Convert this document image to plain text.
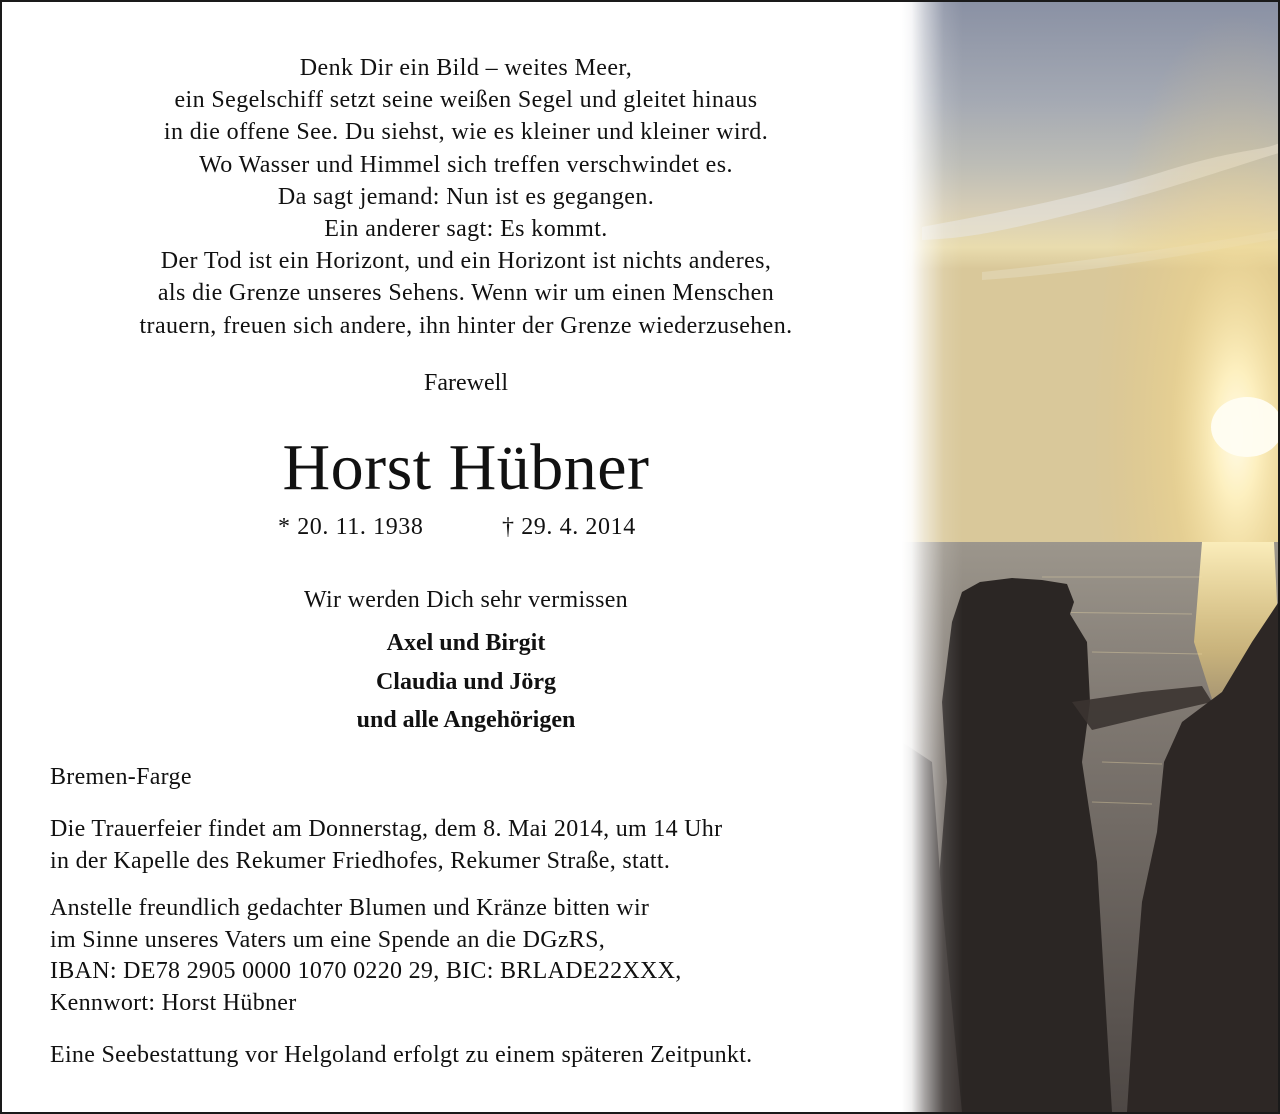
Denk Dir ein Bild – weites Meer,
ein Segelschiff setzt seine weißen Segel und gleitet hinaus
in die offene See. Du siehst, wie es kleiner und kleiner wird.
Wo Wasser und Himmel sich treffen verschwindet es.
Da sagt jemand: Nun ist es gegangen.
Ein anderer sagt: Es kommt.
Der Tod ist ein Horizont, und ein Horizont ist nichts anderes,
als die Grenze unseres Sehens. Wenn wir um einen Menschen
trauern, freuen sich andere, ihn hinter der Grenze wiederzusehen.
Farewell
Horst Hübner
* 20. 11. 1938	† 29. 4. 2014
Wir werden Dich sehr vermissen
Axel und Birgit
Claudia und Jörg
und alle Angehörigen
Bremen-Farge
Die Trauerfeier findet am Donnerstag, dem 8. Mai 2014, um 14 Uhr
in der Kapelle des Rekumer Friedhofes, Rekumer Straße, statt.
Anstelle freundlich gedachter Blumen und Kränze bitten wir
im Sinne unseres Vaters um eine Spende an die DGzRS,
IBAN: DE78 2905 0000 1070 0220 29, BIC: BRLADE22XXX,
Kennwort: Horst Hübner
Eine Seebestattung vor Helgoland erfolgt zu einem späteren Zeitpunkt.
